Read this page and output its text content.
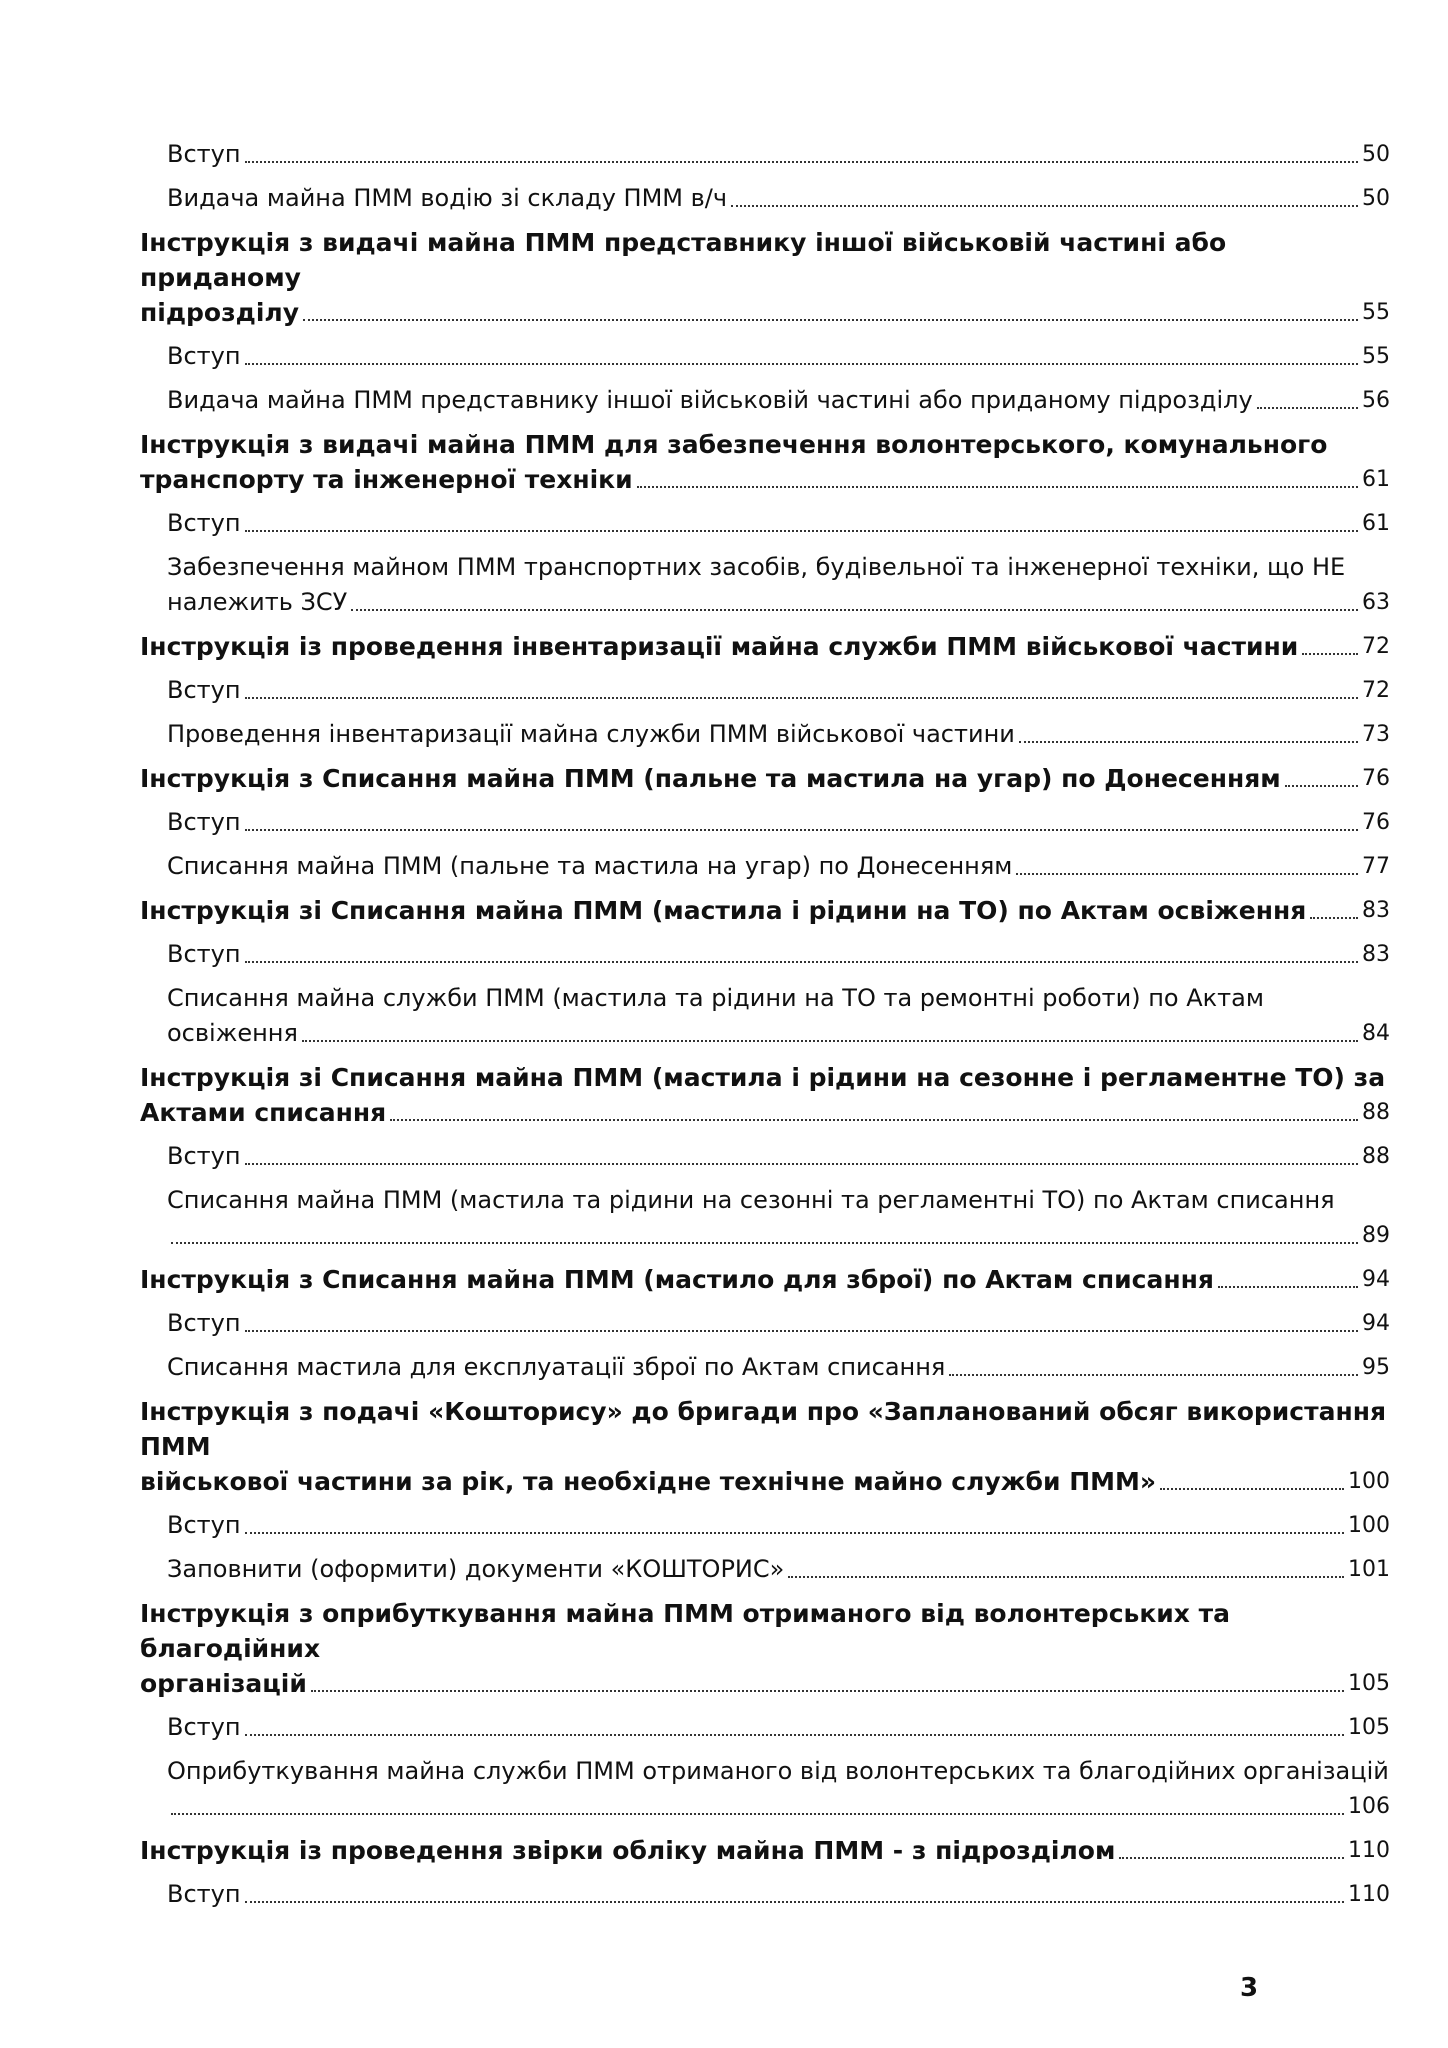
Вступ	50
Видача майна ПММ водію зі складу ПММ в/ч	50
Інструкція з видачі майна ПММ представнику іншої військовій частині або приданому
підрозділу	55
Вступ	55
Видача майна ПММ представнику іншої військовій частині або приданому підрозділу	56
Інструкція з видачі майна ПММ для забезпечення волонтерського, комунального
транспорту та інженерної техніки	61
Вступ	61
Забезпечення майном ПММ транспортних засобів, будівельної та інженерної техніки, що НЕ
належить ЗСУ	63
Інструкція із проведення інвентаризації майна служби ПММ військової частини	72
Вступ	72
Проведення інвентаризації майна служби ПММ військової частини	73
Інструкція з Списання майна ПММ (пальне та мастила на угар) по Донесенням	76
Вступ	76
Списання майна ПММ (пальне та мастила на угар) по Донесенням	77
Інструкція зі Списання майна ПММ (мастила і рідини на ТО) по Актам освіження	83
Вступ	83
Списання майна служби ПММ (мастила та рідини на ТО та ремонтні роботи) по Актам
освіження	84
Інструкція зі Списання майна ПММ (мастила і рідини на сезонне і регламентне ТО) за
Актами списання	88
Вступ	88
Списання майна ПММ (мастила та рідини на сезонні та регламентні ТО) по Актам списання
89
Інструкція з Списання майна ПММ (мастило для зброї) по Актам списання	94
Вступ	94
Списання мастила для експлуатації зброї по Актам списання	95
Інструкція з подачі «Кошторису» до бригади про «Запланований обсяг використання ПММ
військової частини за рік, та необхідне технічне майно служби ПММ»	100
Вступ	100
Заповнити (оформити) документи «КОШТОРИС»	101
Інструкція з оприбуткування майна ПММ отриманого від волонтерських та благодійних
організацій	105
Вступ	105
Оприбуткування майна служби ПММ отриманого від волонтерських та благодійних організацій
106
Інструкція із проведення звірки обліку майна ПММ - з підрозділом	110
Вступ	110
3
